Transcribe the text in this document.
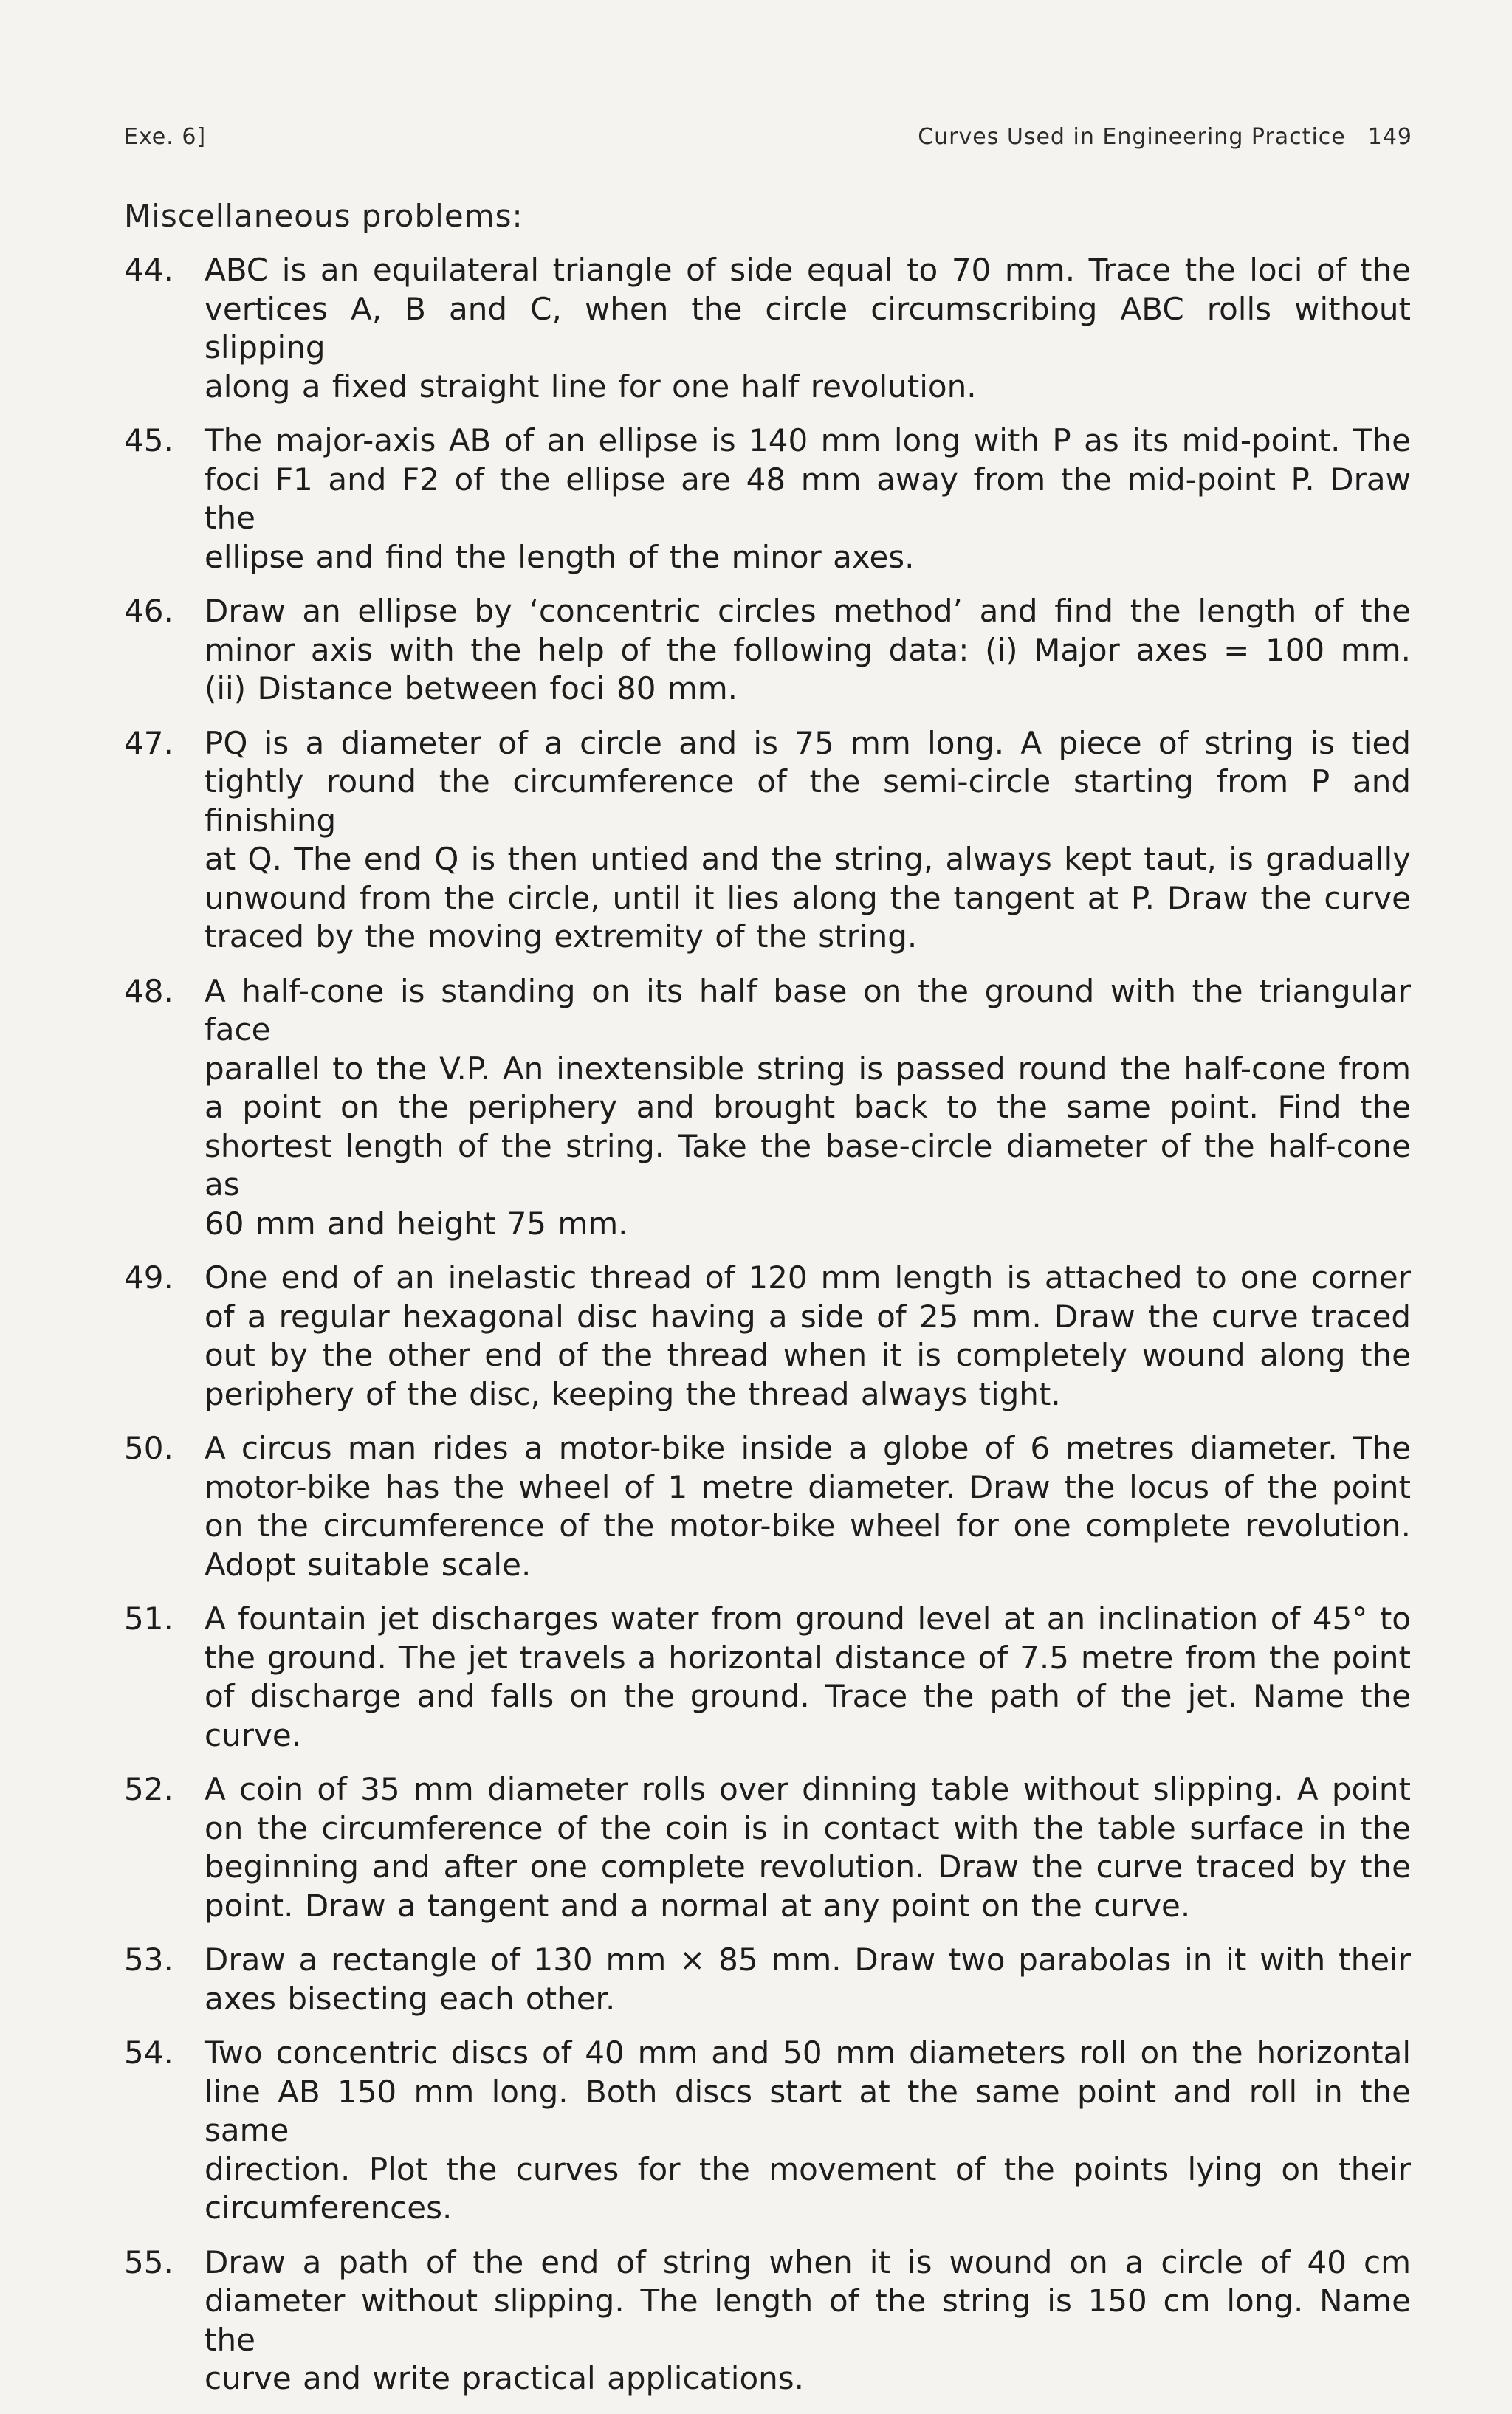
Exe. 6]	Curves Used in Engineering Practice 149
Miscellaneous problems:
44. ABC is an equilateral triangle of side equal to 70 mm. Trace the loci of the
vertices A, B and C, when the circle circumscribing ABC rolls without slipping
along a fixed straight line for one half revolution.
45. The major-axis AB of an ellipse is 140 mm long with P as its mid-point. The
foci F1 and F2 of the ellipse are 48 mm away from the mid-point P. Draw the
ellipse and find the length of the minor axes.
46. Draw an ellipse by ‘concentric circles method’ and find the length of the
minor axis with the help of the following data: (i) Major axes = 100 mm.
(ii) Distance between foci 80 mm.
47. PQ is a diameter of a circle and is 75 mm long. A piece of string is tied
tightly round the circumference of the semi-circle starting from P and finishing
at Q. The end Q is then untied and the string, always kept taut, is gradually
unwound from the circle, until it lies along the tangent at P. Draw the curve
traced by the moving extremity of the string.
48. A half-cone is standing on its half base on the ground with the triangular face
parallel to the V.P. An inextensible string is passed round the half-cone from
a point on the periphery and brought back to the same point. Find the
shortest length of the string. Take the base-circle diameter of the half-cone as
60 mm and height 75 mm.
49. One end of an inelastic thread of 120 mm length is attached to one corner
of a regular hexagonal disc having a side of 25 mm. Draw the curve traced
out by the other end of the thread when it is completely wound along the
periphery of the disc, keeping the thread always tight.
50. A circus man rides a motor-bike inside a globe of 6 metres diameter. The
motor-bike has the wheel of 1 metre diameter. Draw the locus of the point
on the circumference of the motor-bike wheel for one complete revolution.
Adopt suitable scale.
51. A fountain jet discharges water from ground level at an inclination of 45° to
the ground. The jet travels a horizontal distance of 7.5 metre from the point
of discharge and falls on the ground. Trace the path of the jet. Name the curve.
52. A coin of 35 mm diameter rolls over dinning table without slipping. A point
on the circumference of the coin is in contact with the table surface in the
beginning and after one complete revolution. Draw the curve traced by the
point. Draw a tangent and a normal at any point on the curve.
53. Draw a rectangle of 130 mm × 85 mm. Draw two parabolas in it with their
axes bisecting each other.
54. Two concentric discs of 40 mm and 50 mm diameters roll on the horizontal
line AB 150 mm long. Both discs start at the same point and roll in the same
direction. Plot the curves for the movement of the points lying on their
circumferences.
55. Draw a path of the end of string when it is wound on a circle of 40 cm
diameter without slipping. The length of the string is 150 cm long. Name the
curve and write practical applications.
